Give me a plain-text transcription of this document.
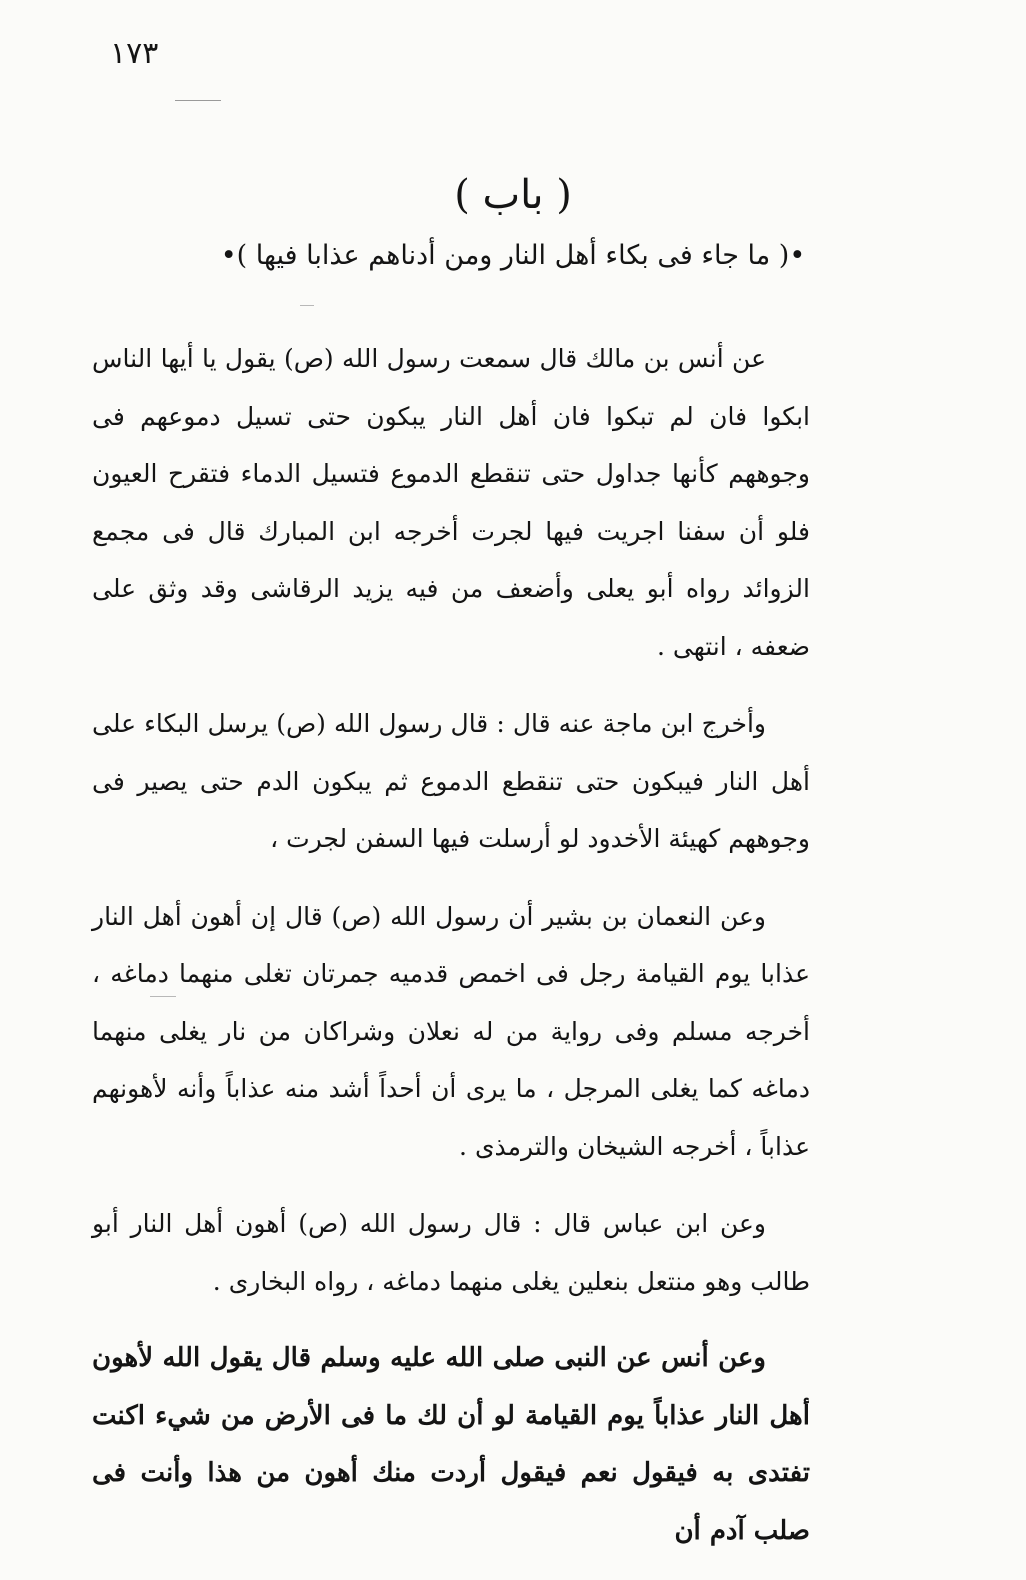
١٧٣
( باب )
•( ما جاء فى بكاء أهل النار ومن أدناهم عذابا فيها )•

عن أنس بن مالك قال سمعت رسول الله (ص) يقول يا أيها الناس ابكوا فان لم تبكوا فان أهل النار يبكون حتى تسيل دموعهم فى وجوههم كأنها جداول حتى تنقطع الدموع فتسيل الدماء فتقرح العيون فلو أن سفنا اجريت فيها لجرت أخرجه ابن المبارك قال فى مجمع الزوائد رواه أبو يعلى وأضعف من فيه يزيد الرقاشى وقد وثق على ضعفه ، انتهى .

وأخرج ابن ماجة عنه قال : قال رسول الله (ص) يرسل البكاء على أهل النار فيبكون حتى تنقطع الدموع ثم يبكون الدم حتى يصير فى وجوههم كهيئة الأخدود لو أرسلت فيها السفن لجرت ،

وعن النعمان بن بشير أن رسول الله (ص) قال إن أهون أهل النار عذابا يوم القيامة رجل فى اخمص قدميه جمرتان تغلى منهما دماغه ، أخرجه مسلم وفى رواية من له نعلان وشراكان من نار يغلى منهما دماغه كما يغلى المرجل ، ما يرى أن أحداً أشد منه عذاباً وأنه لأهونهم عذاباً ، أخرجه الشيخان والترمذى .

وعن ابن عباس قال : قال رسول الله (ص) أهون أهل النار أبو طالب وهو منتعل بنعلين يغلى منهما دماغه ، رواه البخارى .

وعن أنس عن النبى صلى الله عليه وسلم قال يقول الله لأهون أهل النار عذاباً يوم القيامة لو أن لك ما فى الأرض من شيء اكنت تفتدى به فيقول نعم فيقول أردت منك أهون من هذا وأنت فى صلب آدم أن
